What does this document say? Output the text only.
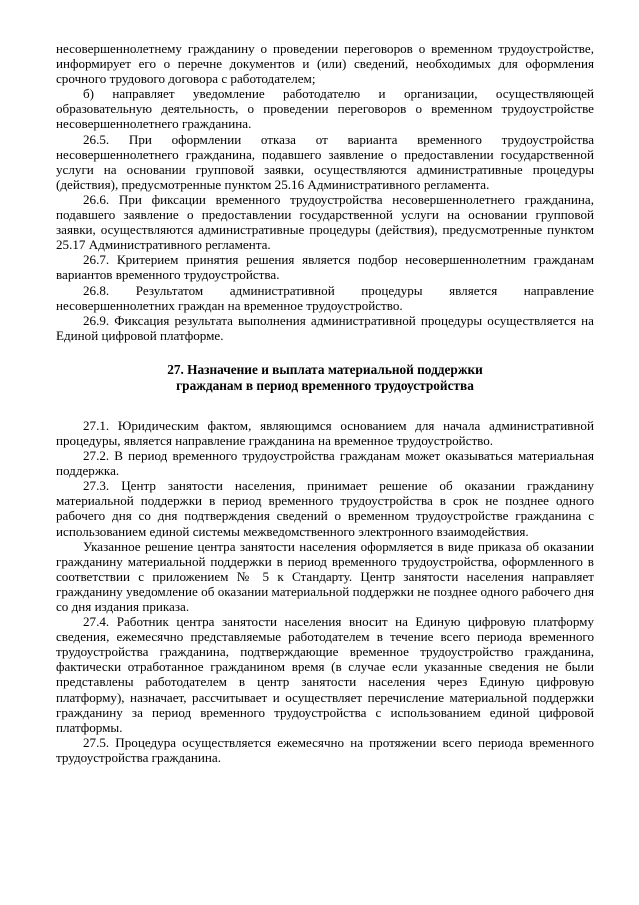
несовершеннолетнему гражданину о проведении переговоров о временном трудоустройстве, информирует его о перечне документов и (или) сведений, необходимых для оформления срочного трудового договора с работодателем;

б) направляет уведомление работодателю и организации, осуществляющей образовательную деятельность, о проведении переговоров о временном трудоустройстве несовершеннолетнего гражданина.

26.5. При оформлении отказа от варианта временного трудоустройства несовершеннолетнего гражданина, подавшего заявление о предоставлении государственной услуги на основании групповой заявки, осуществляются административные процедуры (действия), предусмотренные пунктом 25.16 Административного регламента.

26.6. При фиксации временного трудоустройства несовершеннолетнего гражданина, подавшего заявление о предоставлении государственной услуги на основании групповой заявки, осуществляются административные процедуры (действия), предусмотренные пунктом 25.17 Административного регламента.

26.7. Критерием принятия решения является подбор несовершеннолетним гражданам вариантов временного трудоустройства.

26.8. Результатом административной процедуры является направление несовершеннолетних граждан на временное трудоустройство.

26.9. Фиксация результата выполнения административной процедуры осуществляется на Единой цифровой платформе.

27. Назначение и выплата материальной поддержки
гражданам в период временного трудоустройства

27.1. Юридическим фактом, являющимся основанием для начала административной процедуры, является направление гражданина на временное трудоустройство.

27.2. В период временного трудоустройства гражданам может оказываться материальная поддержка.

27.3. Центр занятости населения, принимает решение об оказании гражданину материальной поддержки в период временного трудоустройства в срок не позднее одного рабочего дня со дня подтверждения сведений о временном трудоустройстве гражданина с использованием единой системы межведомственного электронного взаимодействия.

Указанное решение центра занятости населения оформляется в виде приказа об оказании гражданину материальной поддержки в период временного трудоустройства, оформленного в соответствии с приложением № 5 к Стандарту. Центр занятости населения направляет гражданину уведомление об оказании материальной поддержки не позднее одного рабочего дня со дня издания приказа.

27.4. Работник центра занятости населения вносит на Единую цифровую платформу сведения, ежемесячно представляемые работодателем в течение всего периода временного трудоустройства гражданина, подтверждающие временное трудоустройство гражданина, фактически отработанное гражданином время (в случае если указанные сведения не были представлены работодателем в центр занятости населения через Единую цифровую платформу), назначает, рассчитывает и осуществляет перечисление материальной поддержки гражданину за период временного трудоустройства с использованием единой цифровой платформы.

27.5. Процедура осуществляется ежемесячно на протяжении всего периода временного трудоустройства гражданина.
